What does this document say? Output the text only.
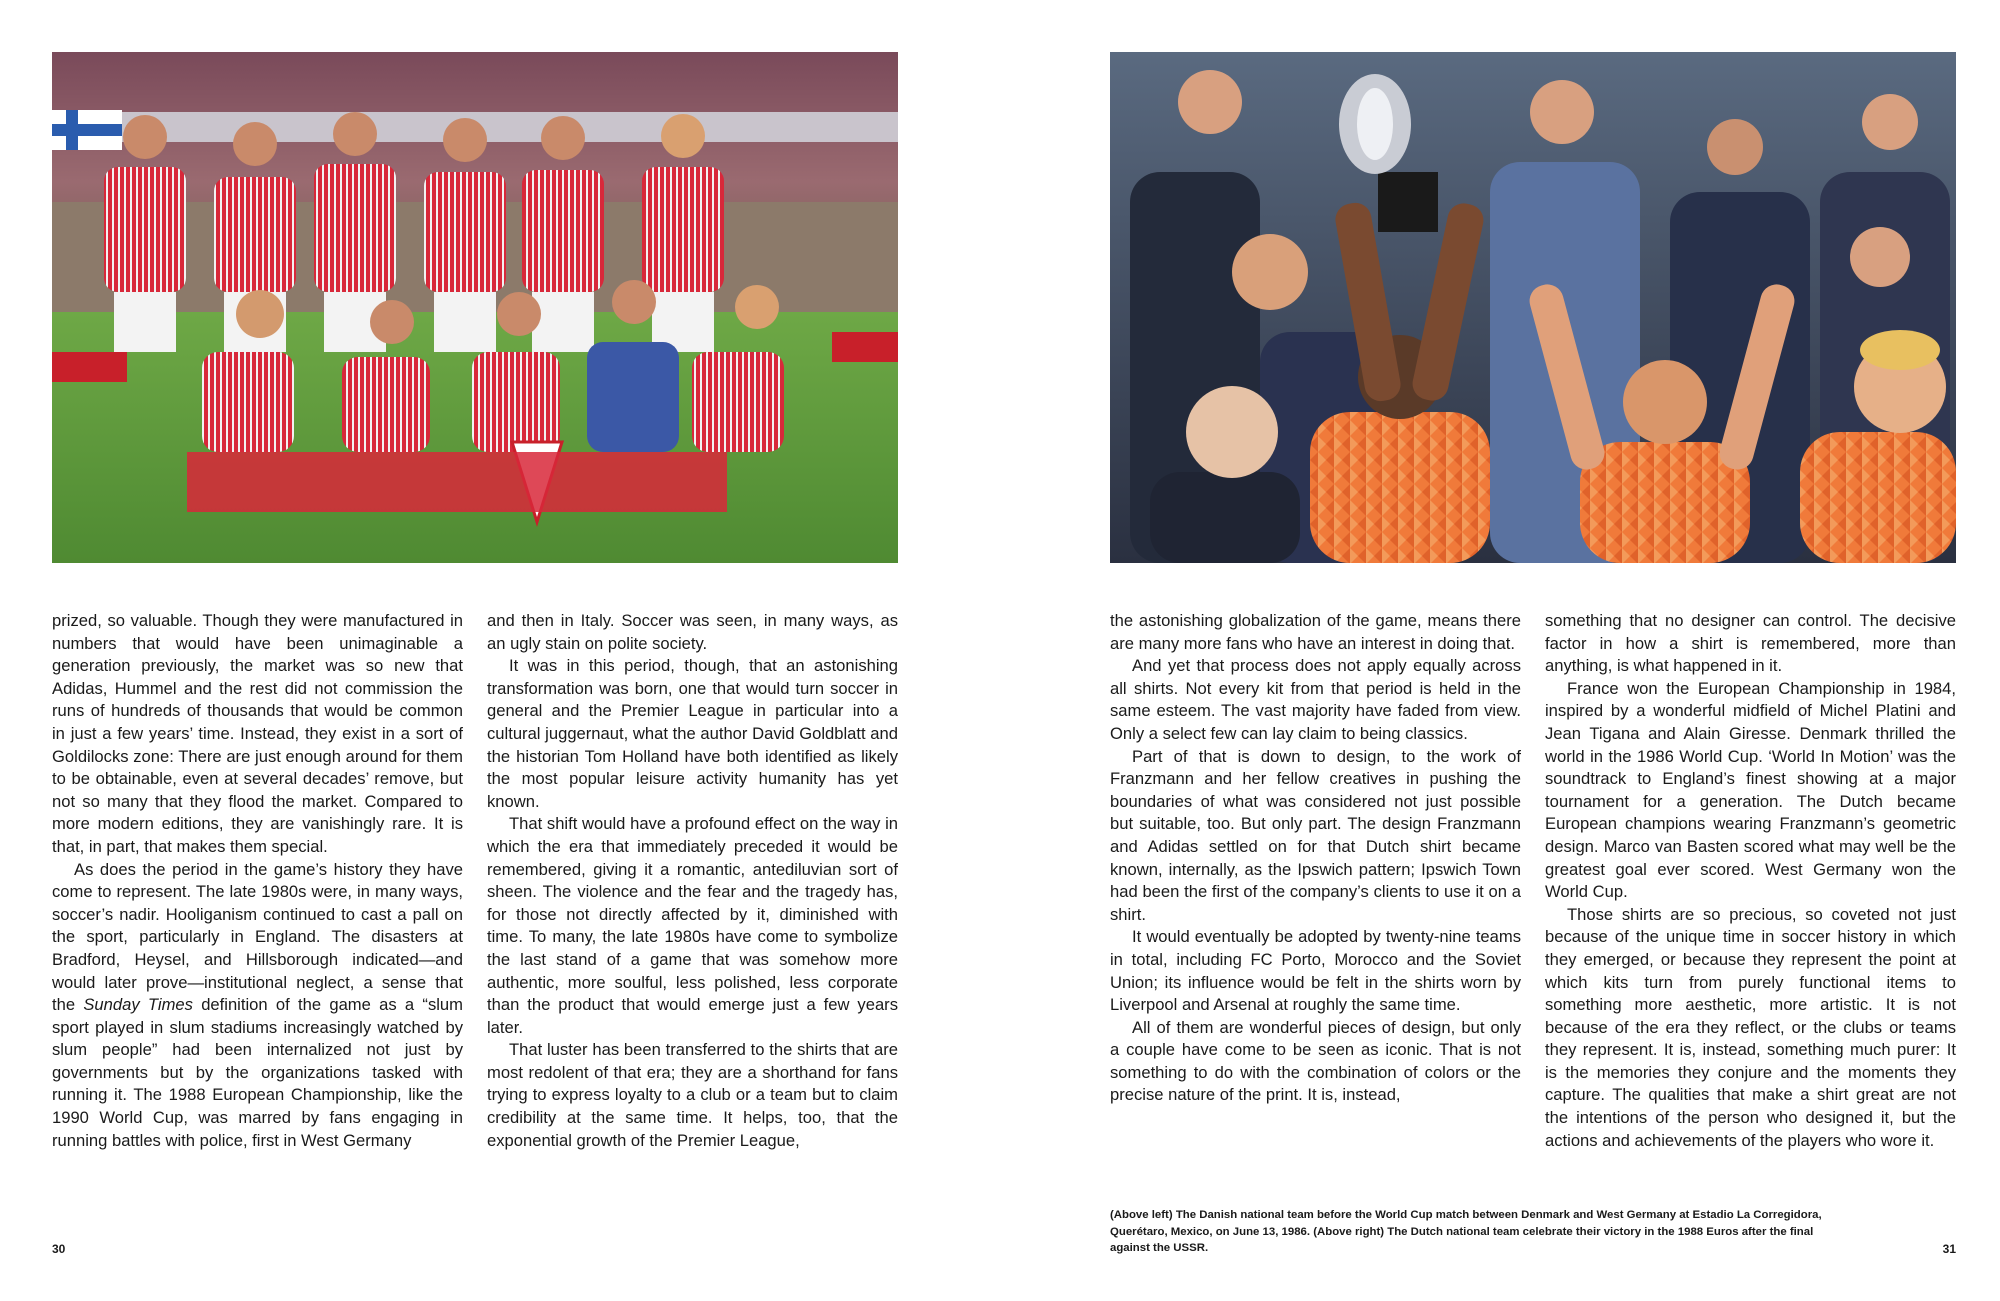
prized, so valuable. Though they were manufactured in numbers that would have been unimaginable a generation previously, the market was so new that Adidas, Hummel and the rest did not commission the runs of hundreds of thousands that would be common in just a few years’ time. Instead, they exist in a sort of Goldilocks zone: There are just enough around for them to be obtainable, even at several decades’ remove, but not so many that they flood the market. Compared to more modern editions, they are vanishingly rare. It is that, in part, that makes them special.

As does the period in the game’s history they have come to represent. The late 1980s were, in many ways, soccer’s nadir. Hooliganism continued to cast a pall on the sport, particularly in England. The disasters at Bradford, Heysel, and Hillsborough indicated—and would later prove—institutional neglect, a sense that the Sunday Times definition of the game as a “slum sport played in slum stadiums increasingly watched by slum people” had been internalized not just by governments but by the organizations tasked with running it. The 1988 European Championship, like the 1990 World Cup, was marred by fans engaging in running battles with police, first in West Germany

and then in Italy. Soccer was seen, in many ways, as an ugly stain on polite society.

It was in this period, though, that an astonishing transformation was born, one that would turn soccer in general and the Premier League in particular into a cultural juggernaut, what the author David Goldblatt and the historian Tom Holland have both identified as likely the most popular leisure activity humanity has yet known.

That shift would have a profound effect on the way in which the era that immediately preceded it would be remembered, giving it a romantic, antediluvian sort of sheen. The violence and the fear and the tragedy has, for those not directly affected by it, diminished with time. To many, the late 1980s have come to symbolize the last stand of a game that was somehow more authentic, more soulful, less polished, less corporate than the product that would emerge just a few years later.

That luster has been transferred to the shirts that are most redolent of that era; they are a shorthand for fans trying to express loyalty to a club or a team but to claim credibility at the same time. It helps, too, that the exponential growth of the Premier League,

30

the astonishing globalization of the game, means there are many more fans who have an interest in doing that.

And yet that process does not apply equally across all shirts. Not every kit from that period is held in the same esteem. The vast majority have faded from view. Only a select few can lay claim to being classics.

Part of that is down to design, to the work of Franzmann and her fellow creatives in pushing the boundaries of what was considered not just possible but suitable, too. But only part. The design Franzmann and Adidas settled on for that Dutch shirt became known, internally, as the Ipswich pattern; Ipswich Town had been the first of the company’s clients to use it on a shirt.

It would eventually be adopted by twenty-nine teams in total, including FC Porto, Morocco and the Soviet Union; its influence would be felt in the shirts worn by Liverpool and Arsenal at roughly the same time.

All of them are wonderful pieces of design, but only a couple have come to be seen as iconic. That is not something to do with the combination of colors or the precise nature of the print. It is, instead,

something that no designer can control. The decisive factor in how a shirt is remembered, more than anything, is what happened in it.

France won the European Championship in 1984, inspired by a wonderful midfield of Michel Platini and Jean Tigana and Alain Giresse. Denmark thrilled the world in the 1986 World Cup. ‘World In Motion’ was the soundtrack to England’s finest showing at a major tournament for a generation. The Dutch became European champions wearing Franzmann’s geometric design. Marco van Basten scored what may well be the greatest goal ever scored. West Germany won the World Cup.

Those shirts are so precious, so coveted not just because of the unique time in soccer history in which they emerged, or because they represent the point at which kits turn from purely functional items to something more aesthetic, more artistic. It is not because of the era they reflect, or the clubs or teams they represent. It is, instead, something much purer: It is the memories they conjure and the moments they capture. The qualities that make a shirt great are not the intentions of the person who designed it, but the actions and achievements of the players who wore it.

(Above left) The Danish national team before the World Cup match between Denmark and West Germany at Estadio La Corregidora, Querétaro, Mexico, on June 13, 1986. (Above right) The Dutch national team celebrate their victory in the 1988 Euros after the final against the USSR.	31
